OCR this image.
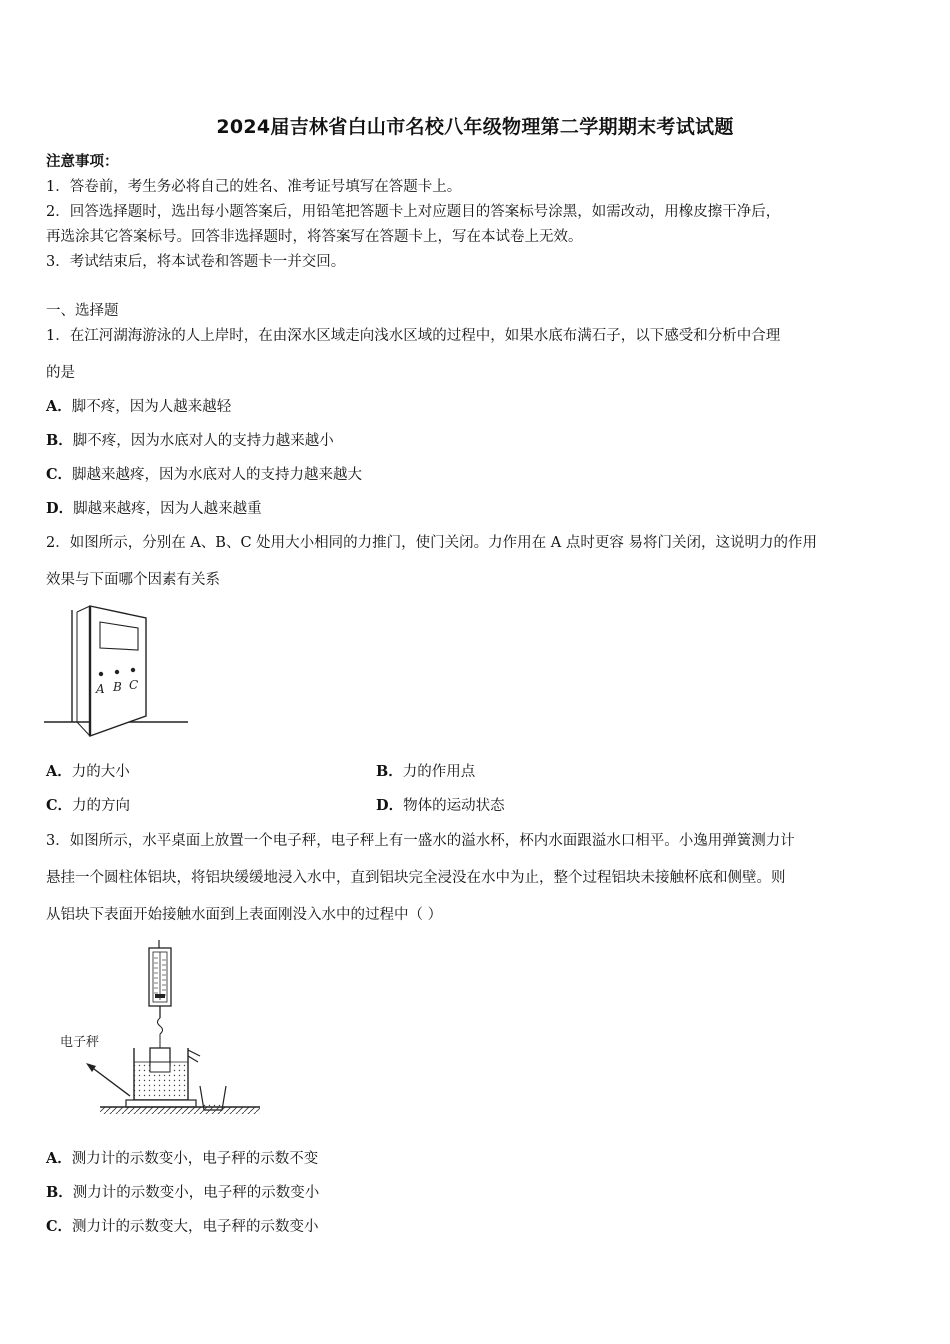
2024届吉林省白山市名校八年级物理第二学期期末考试试题
注意事项：
1．答卷前，考生务必将自己的姓名、准考证号填写在答题卡上。
2．回答选择题时，选出每小题答案后，用铅笔把答题卡上对应题目的答案标号涂黑，如需改动，用橡皮擦干净后，
再选涂其它答案标号。回答非选择题时，将答案写在答题卡上，写在本试卷上无效。
3．考试结束后，将本试卷和答题卡一并交回。
一、选择题
1．在江河湖海游泳的人上岸时，在由深水区域走向浅水区域的过程中，如果水底布满石子，以下感受和分析中合理
的是
A．脚不疼，因为人越来越轻
B．脚不疼，因为水底对人的支持力越来越小
C．脚越来越疼，因为水底对人的支持力越来越大
D．脚越来越疼，因为人越来越重
2．如图所示，分别在 A、B、C 处用大小相同的力推门，使门关闭。力作用在 A 点时更容 易将门关闭，这说明力的作用
效果与下面哪个因素有关系
A B C
A．力的大小	B．力的作用点
C．力的方向	D．物体的运动状态
3．如图所示，水平桌面上放置一个电子秤，电子秤上有一盛水的溢水杯，杯内水面跟溢水口相平。小逸用弹簧测力计
悬挂一个圆柱体铝块，将铝块缓缓地浸入水中，直到铝块完全浸没在水中为止，整个过程铝块未接触杯底和侧壁。则
从铝块下表面开始接触水面到上表面刚没入水中的过程中（ ）
电子秤
A．测力计的示数变小，电子秤的示数不变
B．测力计的示数变小，电子秤的示数变小
C．测力计的示数变大，电子秤的示数变小
